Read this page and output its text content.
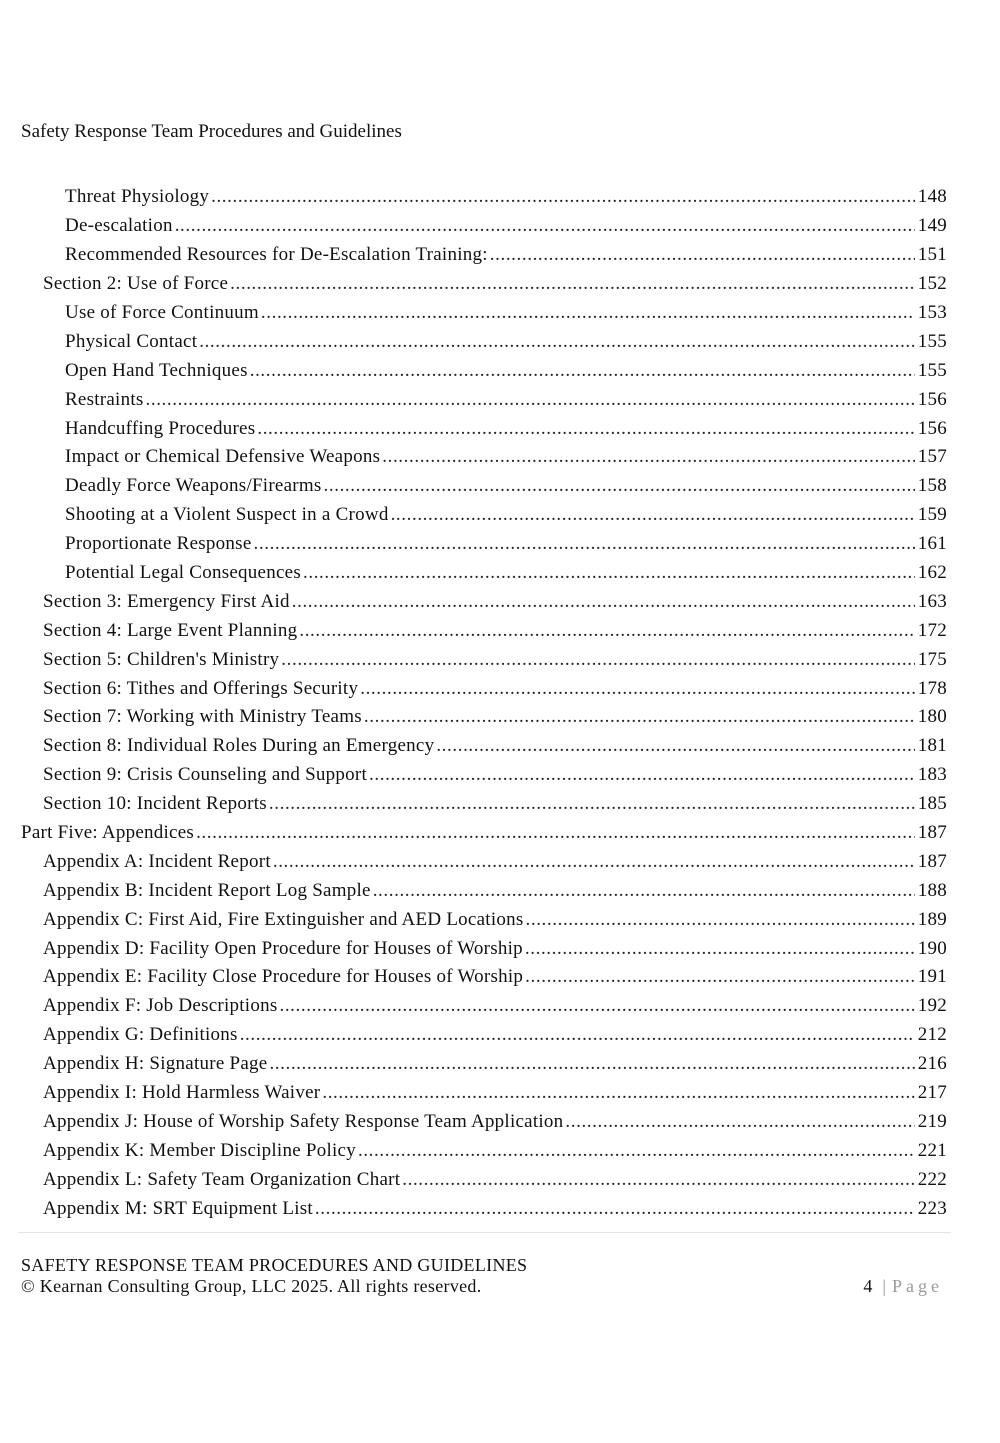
Safety Response Team Procedures and Guidelines
Threat Physiology .....	148
De-escalation .....	149
Recommended Resources for De-Escalation Training: .....	151
Section 2: Use of Force .....	152
Use of Force Continuum .....	153
Physical Contact .....	155
Open Hand Techniques .....	155
Restraints .....	156
Handcuffing Procedures .....	156
Impact or Chemical Defensive Weapons .....	157
Deadly Force Weapons/Firearms .....	158
Shooting at a Violent Suspect in a Crowd .....	159
Proportionate Response .....	161
Potential Legal Consequences .....	162
Section 3: Emergency First Aid .....	163
Section 4: Large Event Planning .....	172
Section 5: Children's Ministry .....	175
Section 6: Tithes and Offerings Security .....	178
Section 7: Working with Ministry Teams .....	180
Section 8: Individual Roles During an Emergency .....	181
Section 9: Crisis Counseling and Support .....	183
Section 10: Incident Reports .....	185
Part Five: Appendices .....	187
Appendix A: Incident Report .....	187
Appendix B: Incident Report Log Sample .....	188
Appendix C: First Aid, Fire Extinguisher and AED Locations .....	189
Appendix D: Facility Open Procedure for Houses of Worship .....	190
Appendix E: Facility Close Procedure for Houses of Worship .....	191
Appendix F: Job Descriptions .....	192
Appendix G: Definitions .....	212
Appendix H: Signature Page .....	216
Appendix I: Hold Harmless Waiver .....	217
Appendix J: House of Worship Safety Response Team Application .....	219
Appendix K: Member Discipline Policy .....	221
Appendix L: Safety Team Organization Chart .....	222
Appendix M: SRT Equipment List .....	223
SAFETY RESPONSE TEAM PROCEDURES AND GUIDELINES
© Kearnan Consulting Group, LLC 2025. All rights reserved.	4 | Page
